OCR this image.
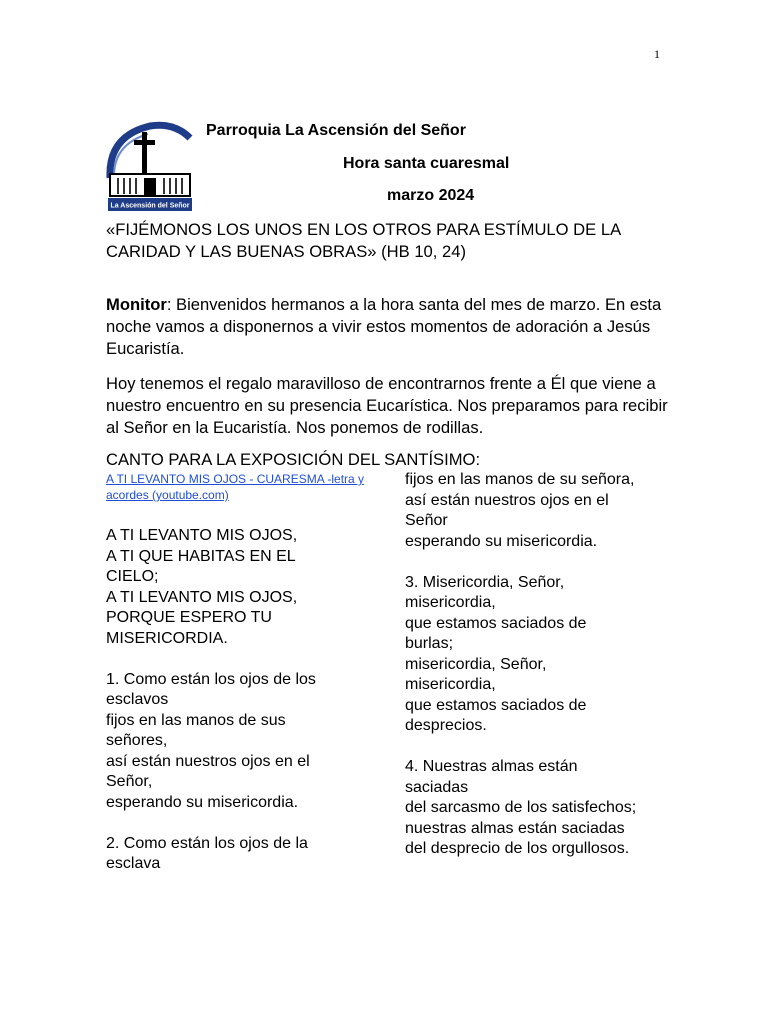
1
La Ascensión del Señor
Parroquia La Ascensión del Señor
Hora santa cuaresmal
marzo 2024
«FIJÉMONOS LOS UNOS EN LOS OTROS PARA ESTÍMULO DE LA CARIDAD Y LAS BUENAS OBRAS» (HB 10, 24)
Monitor: Bienvenidos hermanos a la hora santa del mes de marzo. En esta noche vamos a disponernos a vivir estos momentos de adoración a Jesús Eucaristía.
Hoy tenemos el regalo maravilloso de encontrarnos frente a Él que viene a nuestro encuentro en su presencia Eucarística. Nos preparamos para recibir al Señor en la Eucaristía. Nos ponemos de rodillas.
CANTO PARA LA EXPOSICIÓN DEL SANTÍSIMO:
A TI LEVANTO MIS OJOS - CUARESMA -letra y acordes (youtube.com)
A TI LEVANTO MIS OJOS,
A TI QUE HABITAS EN EL
CIELO;
A TI LEVANTO MIS OJOS,
PORQUE ESPERO TU
MISERICORDIA.
1. Como están los ojos de los
esclavos
fijos en las manos de sus
señores,
así están nuestros ojos en el
Señor,
esperando su misericordia.
2. Como están los ojos de la
esclava
fijos en las manos de su señora,
así están nuestros ojos en el
Señor
esperando su misericordia.
3. Misericordia, Señor,
misericordia,
que estamos saciados de
burlas;
misericordia, Señor,
misericordia,
que estamos saciados de
desprecios.
4. Nuestras almas están
saciadas
del sarcasmo de los satisfechos;
nuestras almas están saciadas
del desprecio de los orgullosos.
